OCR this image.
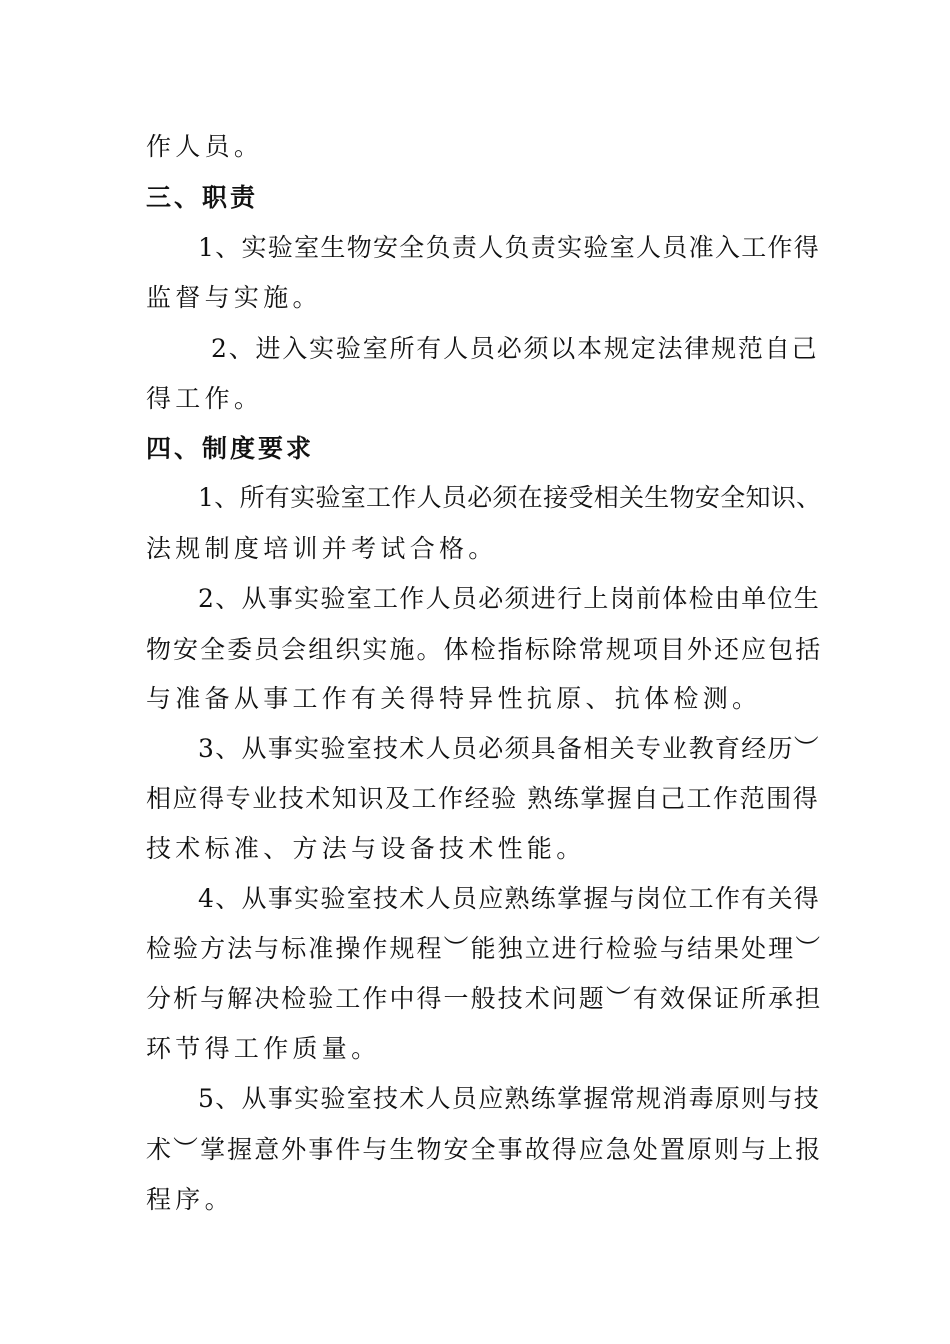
作人员。
三、职责
1、实验室生物安全负责人负责实验室人员准入工作得
监督与实施。
2、进入实验室所有人员必须以本规定法律规范自己
得工作。
四、制度要求
1、所有实验室工作人员必须在接受相关生物安全知识、
法规制度培训并考试合格。
2、从事实验室工作人员必须进行上岗前体检由单位生
物安全委员会组织实施。体检指标除常规项目外还应包括
与准备从事工作有关得特异性抗原、抗体检测。
3、从事实验室技术人员必须具备相关专业教育经历︶
相应得专业技术知识及工作经验 熟练掌握自己工作范围得
技术标准、方法与设备技术性能。
4、从事实验室技术人员应熟练掌握与岗位工作有关得
检验方法与标准操作规程︶能独立进行检验与结果处理︶
分析与解决检验工作中得一般技术问题︶有效保证所承担
环节得工作质量。
5、从事实验室技术人员应熟练掌握常规消毒原则与技
术︶掌握意外事件与生物安全事故得应急处置原则与上报
程序。
